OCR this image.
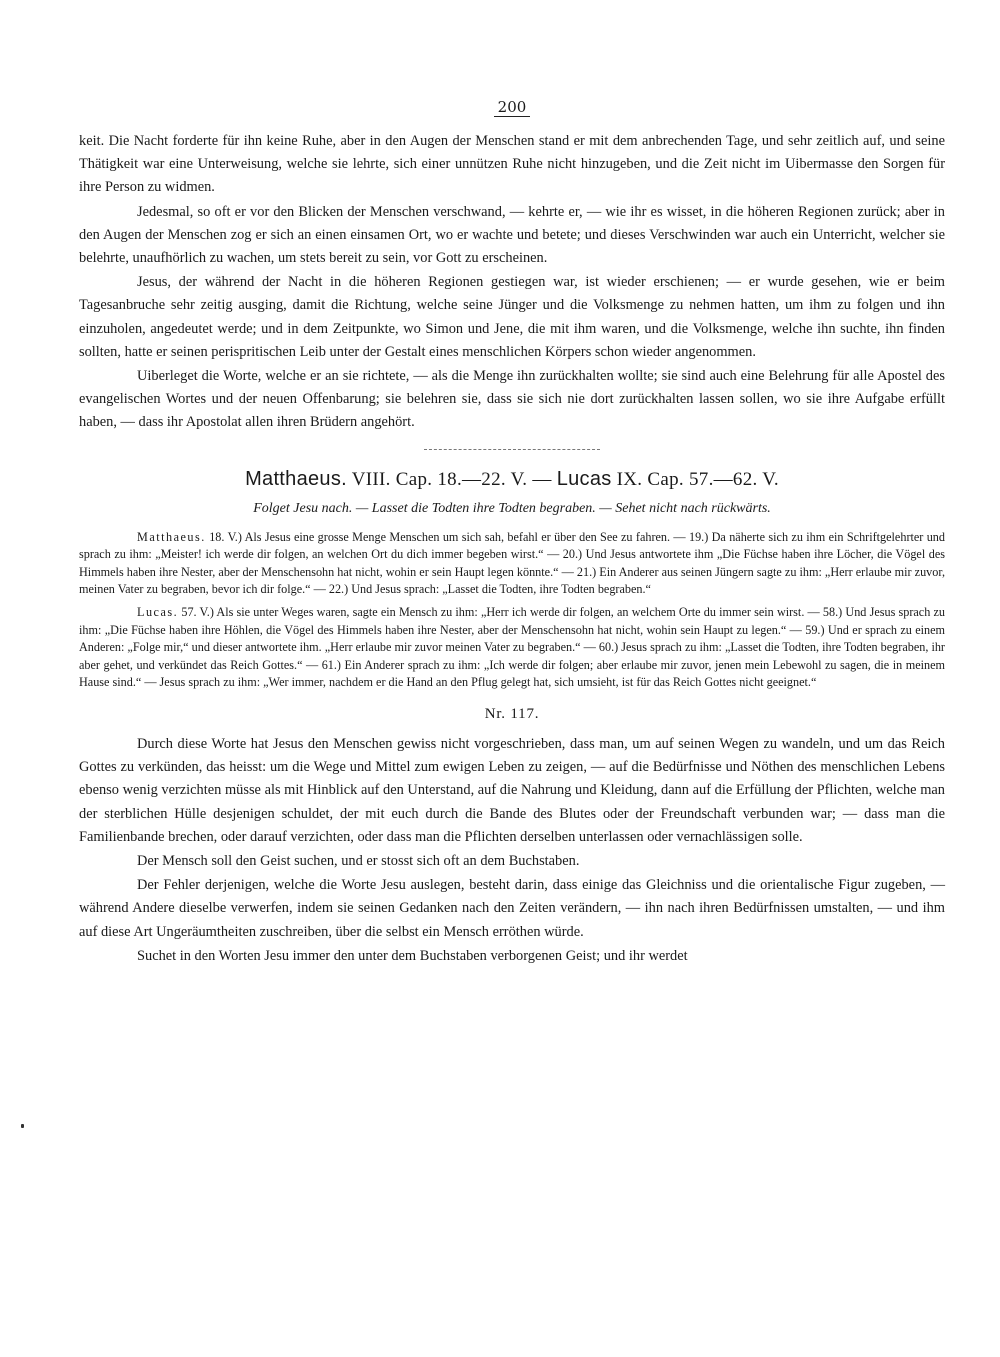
200

keit. Die Nacht forderte für ihn keine Ruhe, aber in den Augen der Menschen stand er mit dem anbrechenden Tage, und sehr zeitlich auf, und seine Thätigkeit war eine Unterweisung, welche sie lehrte, sich einer unnützen Ruhe nicht hinzugeben, und die Zeit nicht im Uibermasse den Sorgen für ihre Person zu widmen.

Jedesmal, so oft er vor den Blicken der Menschen verschwand, — kehrte er, — wie ihr es wisset, in die höheren Regionen zurück; aber in den Augen der Menschen zog er sich an einen einsamen Ort, wo er wachte und betete; und dieses Verschwinden war auch ein Unterricht, welcher sie belehrte, unaufhörlich zu wachen, um stets bereit zu sein, vor Gott zu erscheinen.

Jesus, der während der Nacht in die höheren Regionen gestiegen war, ist wieder erschienen; — er wurde gesehen, wie er beim Tagesanbruche sehr zeitig ausging, damit die Richtung, welche seine Jünger und die Volksmenge zu nehmen hatten, um ihm zu folgen und ihn einzuholen, angedeutet werde; und in dem Zeitpunkte, wo Simon und Jene, die mit ihm waren, und die Volksmenge, welche ihn suchte, ihn finden sollten, hatte er seinen perispritischen Leib unter der Gestalt eines menschlichen Körpers schon wieder angenommen.

Uiberleget die Worte, welche er an sie richtete, — als die Menge ihn zurückhalten wollte; sie sind auch eine Belehrung für alle Apostel des evangelischen Wortes und der neuen Offenbarung; sie belehren sie, dass sie sich nie dort zurückhalten lassen sollen, wo sie ihre Aufgabe erfüllt haben, — dass ihr Apostolat allen ihren Brüdern angehört.

Matthaeus. VIII. Cap. 18.—22. V. — Lucas IX. Cap. 57.—62. V.
Folget Jesu nach. — Lasset die Todten ihre Todten begraben. — Sehet nicht nach rückwärts.

Matthaeus. 18. V.) Als Jesus eine grosse Menge Menschen um sich sah, befahl er über den See zu fahren. — 19.) Da näherte sich zu ihm ein Schriftgelehrter und sprach zu ihm: „Meister! ich werde dir folgen, an welchen Ort du dich immer begeben wirst.“ — 20.) Und Jesus antwortete ihm „Die Füchse haben ihre Löcher, die Vögel des Himmels haben ihre Nester, aber der Menschensohn hat nicht, wohin er sein Haupt legen könnte.“ — 21.) Ein Anderer aus seinen Jüngern sagte zu ihm: „Herr erlaube mir zuvor, meinen Vater zu begraben, bevor ich dir folge.“ — 22.) Und Jesus sprach: „Lasset die Todten, ihre Todten begraben.“

Lucas. 57. V.) Als sie unter Weges waren, sagte ein Mensch zu ihm: „Herr ich werde dir folgen, an welchem Orte du immer sein wirst. — 58.) Und Jesus sprach zu ihm: „Die Füchse haben ihre Höhlen, die Vögel des Himmels haben ihre Nester, aber der Menschensohn hat nicht, wohin sein Haupt zu legen.“ — 59.) Und er sprach zu einem Anderen: „Folge mir,“ und dieser antwortete ihm. „Herr erlaube mir zuvor meinen Vater zu begraben.“ — 60.) Jesus sprach zu ihm: „Lasset die Todten, ihre Todten begraben, ihr aber gehet, und verkündet das Reich Gottes.“ — 61.) Ein Anderer sprach zu ihm: „Ich werde dir folgen; aber erlaube mir zuvor, jenen mein Lebewohl zu sagen, die in meinem Hause sind.“ — Jesus sprach zu ihm: „Wer immer, nachdem er die Hand an den Pflug gelegt hat, sich umsieht, ist für das Reich Gottes nicht geeignet.“

Nr. 117.

Durch diese Worte hat Jesus den Menschen gewiss nicht vorgeschrieben, dass man, um auf seinen Wegen zu wandeln, und um das Reich Gottes zu verkünden, das heisst: um die Wege und Mittel zum ewigen Leben zu zeigen, — auf die Bedürfnisse und Nöthen des menschlichen Lebens ebenso wenig verzichten müsse als mit Hinblick auf den Unterstand, auf die Nahrung und Kleidung, dann auf die Erfüllung der Pflichten, welche man der sterblichen Hülle desjenigen schuldet, der mit euch durch die Bande des Blutes oder der Freundschaft verbunden war; — dass man die Familienbande brechen, oder darauf verzichten, oder dass man die Pflichten derselben unterlassen oder vernachlässigen solle.

Der Mensch soll den Geist suchen, und er stosst sich oft an dem Buchstaben.

Der Fehler derjenigen, welche die Worte Jesu auslegen, besteht darin, dass einige das Gleichniss und die orientalische Figur zugeben, — während Andere dieselbe verwerfen, indem sie seinen Gedanken nach den Zeiten verändern, — ihn nach ihren Bedürfnissen umstalten, — und ihm auf diese Art Ungeräumtheiten zuschreiben, über die selbst ein Mensch erröthen würde.

Suchet in den Worten Jesu immer den unter dem Buchstaben verborgenen Geist; und ihr werdet
